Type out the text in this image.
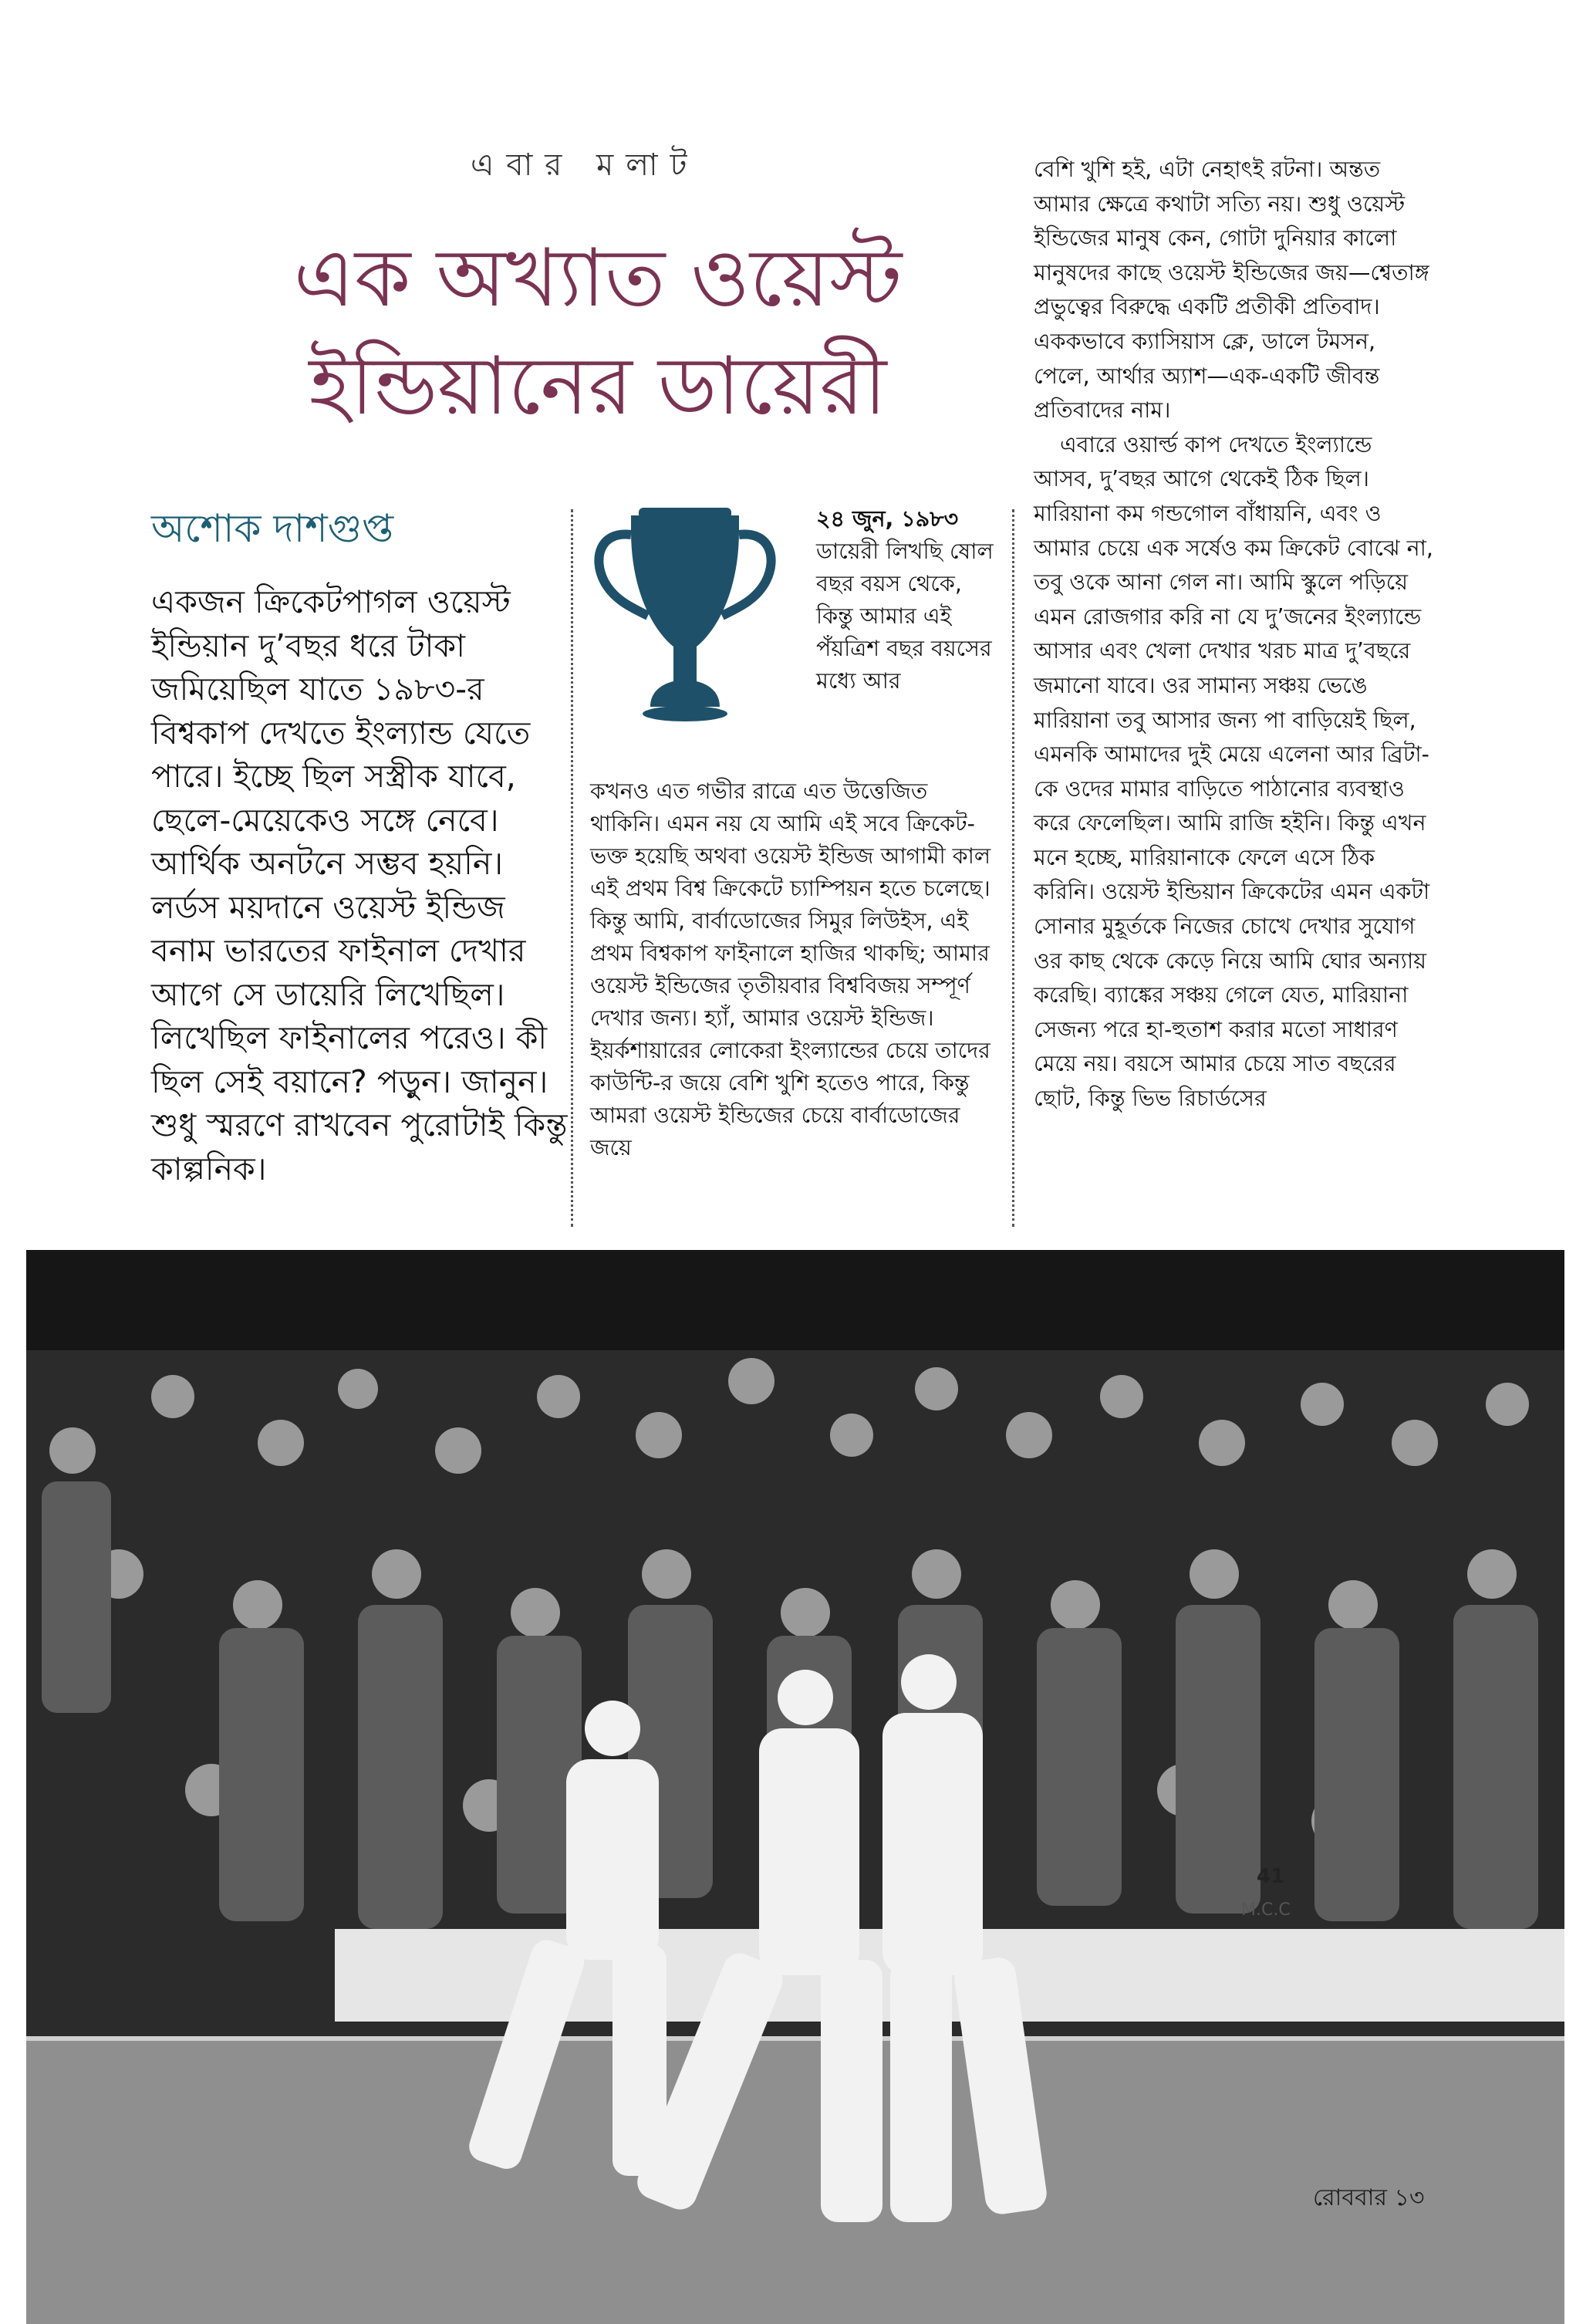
এবার মলাট
এক অখ্যাত ওয়েস্ট
ইন্ডিয়ানের ডায়েরী
অশোক দাশগুপ্ত

একজন ক্রিকেটপাগল ওয়েস্ট ইন্ডিয়ান দু’বছর ধরে টাকা জমিয়েছিল যাতে ১৯৮৩-র বিশ্বকাপ দেখতে ইংল্যান্ড যেতে পারে। ইচ্ছে ছিল সস্ত্রীক যাবে, ছেলে-মেয়েকেও সঙ্গে নেবে। আর্থিক অনটনে সম্ভব হয়নি। লর্ডস ময়দানে ওয়েস্ট ইন্ডিজ বনাম ভারতের ফাইনাল দেখার আগে সে ডায়েরি লিখেছিল। লিখেছিল ফাইনালের পরেও। কী ছিল সেই বয়ানে? পড়ুন। জানুন। শুধু স্মরণে রাখবেন পুরোটাই কিন্তু কাল্পনিক।

২৪ জুন, ১৯৮৩

ডায়েরী লিখছি ষোল বছর বয়স থেকে, কিন্তু আমার এই পঁয়ত্রিশ বছর বয়সের মধ্যে আর

কখনও এত গভীর রাত্রে এত উত্তেজিত থাকিনি। এমন নয় যে আমি এই সবে ক্রিকেট-ভক্ত হয়েছি অথবা ওয়েস্ট ইন্ডিজ আগামী কাল এই প্রথম বিশ্ব ক্রিকেটে চ্যাম্পিয়ন হতে চলেছে। কিন্তু আমি, বার্বাডোজের সিমুর লিউইস, এই প্রথম বিশ্বকাপ ফাইনালে হাজির থাকছি; আমার ওয়েস্ট ইন্ডিজের তৃতীয়বার বিশ্ববিজয় সম্পূর্ণ দেখার জন্য। হ্যাঁ, আমার ওয়েস্ট ইন্ডিজ। ইয়র্কশায়ারের লোকেরা ইংল্যান্ডের চেয়ে তাদের কাউন্টি-র জয়ে বেশি খুশি হতেও পারে, কিন্তু আমরা ওয়েস্ট ইন্ডিজের চেয়ে বার্বাডোজের জয়ে

বেশি খুশি হই, এটা নেহাৎই রটনা। অন্তত আমার ক্ষেত্রে কথাটা সত্যি নয়। শুধু ওয়েস্ট ইন্ডিজের মানুষ কেন, গোটা দুনিয়ার কালো মানুষদের কাছে ওয়েস্ট ইন্ডিজের জয়—শ্বেতাঙ্গ প্রভুত্বের বিরুদ্ধে একটি প্রতীকী প্রতিবাদ। এককভাবে ক্যাসিয়াস ক্লে, ডালে টমসন, পেলে, আর্থার অ্যাশ—এক-একটি জীবন্ত প্রতিবাদের নাম।

এবারে ওয়ার্ল্ড কাপ দেখতে ইংল্যান্ডে আসব, দু’বছর আগে থেকেই ঠিক ছিল। মারিয়ানা কম গন্ডগোল বাঁধায়নি, এবং ও আমার চেয়ে এক সর্ষেও কম ক্রিকেট বোঝে না, তবু ওকে আনা গেল না। আমি স্কুলে পড়িয়ে এমন রোজগার করি না যে দু’জনের ইংল্যান্ডে আসার এবং খেলা দেখার খরচ মাত্র দু’বছরে জমানো যাবে। ওর সামান্য সঞ্চয় ভেঙে মারিয়ানা তবু আসার জন্য পা বাড়িয়েই ছিল, এমনকি আমাদের দুই মেয়ে এলেনা আর ব্রিটা-কে ওদের মামার বাড়িতে পাঠানোর ব্যবস্থাও করে ফেলেছিল। আমি রাজি হইনি। কিন্তু এখন মনে হচ্ছে, মারিয়ানাকে ফেলে এসে ঠিক করিনি। ওয়েস্ট ইন্ডিয়ান ক্রিকেটের এমন একটা সোনার মুহূর্তকে নিজের চোখে দেখার সুযোগ ওর কাছ থেকে কেড়ে নিয়ে আমি ঘোর অন্যায় করেছি। ব্যাঙ্কের সঞ্চয় গেলে যেত, মারিয়ানা সেজন্য পরে হা-হুতাশ করার মতো সাধারণ মেয়ে নয়। বয়সে আমার চেয়ে সাত বছরের ছোট, কিন্তু ভিভ রিচার্ডসের

41
M.C.C
রোববার ১৩
